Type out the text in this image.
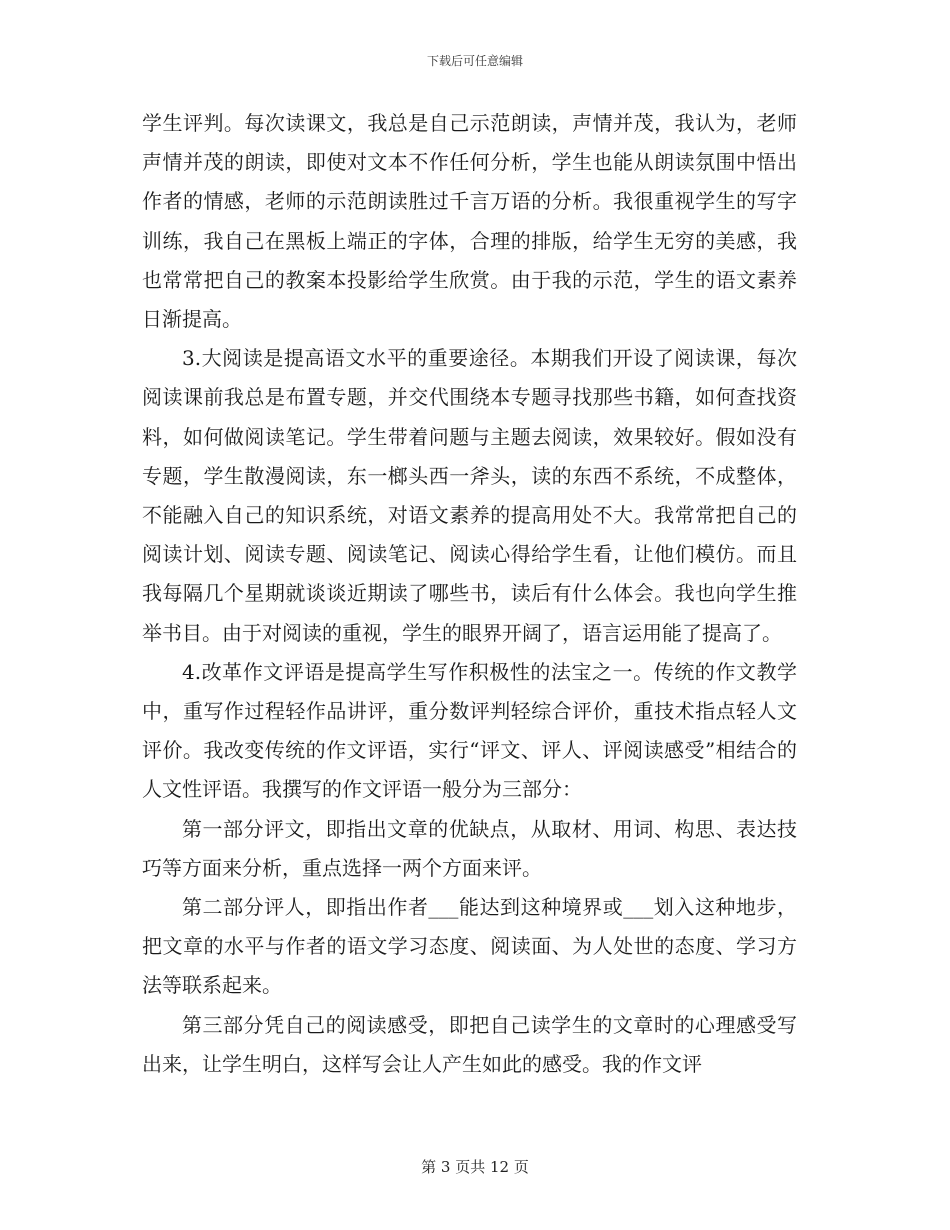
下载后可任意编辑

学生评判。每次读课文，我总是自己示范朗读，声情并茂，我认为，老师声情并茂的朗读，即使对文本不作任何分析，学生也能从朗读氛围中悟出作者的情感，老师的示范朗读胜过千言万语的分析。我很重视学生的写字训练，我自己在黑板上端正的字体，合理的排版，给学生无穷的美感，我也常常把自己的教案本投影给学生欣赏。由于我的示范，学生的语文素养日渐提高。

3.大阅读是提高语文水平的重要途径。本期我们开设了阅读课，每次阅读课前我总是布置专题，并交代围绕本专题寻找那些书籍，如何查找资料，如何做阅读笔记。学生带着问题与主题去阅读，效果较好。假如没有专题，学生散漫阅读，东一榔头西一斧头，读的东西不系统，不成整体，不能融入自己的知识系统，对语文素养的提高用处不大。我常常把自己的阅读计划、阅读专题、阅读笔记、阅读心得给学生看，让他们模仿。而且我每隔几个星期就谈谈近期读了哪些书，读后有什么体会。我也向学生推举书目。由于对阅读的重视，学生的眼界开阔了，语言运用能了提高了。

4.改革作文评语是提高学生写作积极性的法宝之一。传统的作文教学中，重写作过程轻作品讲评，重分数评判轻综合评价，重技术指点轻人文评价。我改变传统的作文评语，实行“评文、评人、评阅读感受”相结合的人文性评语。我撰写的作文评语一般分为三部分：

第一部分评文，即指出文章的优缺点，从取材、用词、构思、表达技巧等方面来分析，重点选择一两个方面来评。

第二部分评人，即指出作者___能达到这种境界或___划入这种地步，把文章的水平与作者的语文学习态度、阅读面、为人处世的态度、学习方法等联系起来。

第三部分凭自己的阅读感受，即把自己读学生的文章时的心理感受写出来，让学生明白，这样写会让人产生如此的感受。我的作文评

第 3 页共 12 页
